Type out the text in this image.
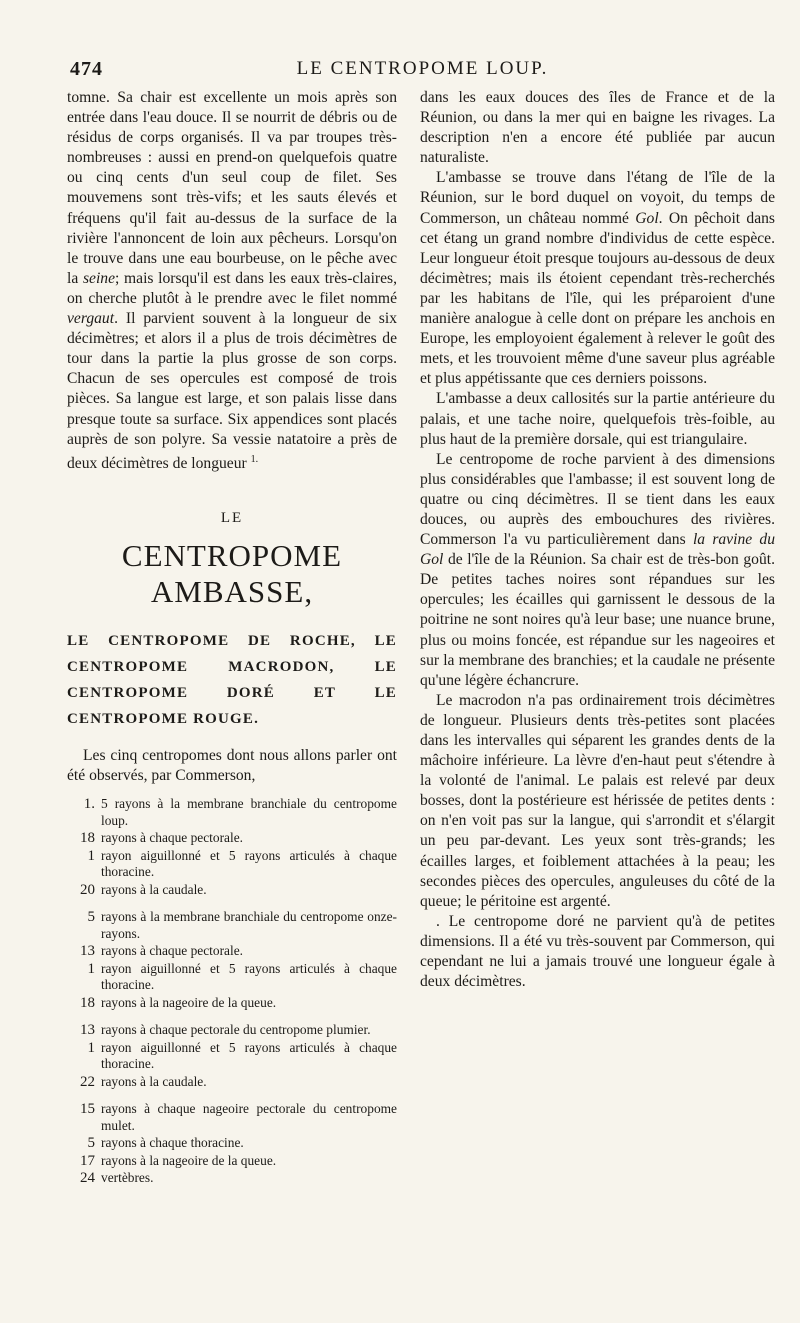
474	LE CENTROPOME LOUP.

tomne. Sa chair est excellente un mois après son entrée dans l'eau douce. Il se nourrit de débris ou de résidus de corps organisés. Il va par troupes très-nombreuses : aussi en prend-on quelquefois quatre ou cinq cents d'un seul coup de filet. Ses mouvemens sont très-vifs; et les sauts élevés et fréquens qu'il fait au-dessus de la surface de la rivière l'annoncent de loin aux pêcheurs. Lorsqu'on le trouve dans une eau bourbeuse, on le pêche avec la seine; mais lorsqu'il est dans les eaux très-claires, on cherche plutôt à le prendre avec le filet nommé vergaut. Il parvient souvent à la longueur de six décimètres; et alors il a plus de trois décimètres de tour dans la partie la plus grosse de son corps. Chacun de ses opercules est composé de trois pièces. Sa langue est large, et son palais lisse dans presque toute sa surface. Six appendices sont placés auprès de son polyre. Sa vessie natatoire a près de deux décimètres de longueur $^{1.}$

LE
CENTROPOME AMBASSE,
LE CENTROPOME DE ROCHE, LE CENTROPOME MACRODON, LE CENTROPOME DORÉ ET LE CENTROPOME ROUGE.

Les cinq centropomes dont nous allons parler ont été observés, par Commerson,

1. 5 rayons à la membrane branchiale du centropome loup.
18 rayons à chaque pectorale.
1 rayon aiguillonné et 5 rayons articulés à chaque thoracine.
20 rayons à la caudale.
5 rayons à la membrane branchiale du centropome onze-rayons.
13 rayons à chaque pectorale.
1 rayon aiguillonné et 5 rayons articulés à chaque thoracine.
18 rayons à la nageoire de la queue.
13 rayons à chaque pectorale du centropome plumier.
1 rayon aiguillonné et 5 rayons articulés à chaque thoracine.
22 rayons à la caudale.
15 rayons à chaque nageoire pectorale du centropome mulet.
5 rayons à chaque thoracine.
17 rayons à la nageoire de la queue.
24 vertèbres.

dans les eaux douces des îles de France et de la Réunion, ou dans la mer qui en baigne les rivages. La description n'en a encore été publiée par aucun naturaliste.

L'ambasse se trouve dans l'étang de l'île de la Réunion, sur le bord duquel on voyoit, du temps de Commerson, un château nommé Gol. On pêchoit dans cet étang un grand nombre d'individus de cette espèce. Leur longueur étoit presque toujours au-dessous de deux décimètres; mais ils étoient cependant très-recherchés par les habitans de l'île, qui les préparoient d'une manière analogue à celle dont on prépare les anchois en Europe, les employoient également à relever le goût des mets, et les trouvoient même d'une saveur plus agréable et plus appétissante que ces derniers poissons.

L'ambasse a deux callosités sur la partie antérieure du palais, et une tache noire, quelquefois très-foible, au plus haut de la première dorsale, qui est triangulaire.

Le centropome de roche parvient à des dimensions plus considérables que l'ambasse; il est souvent long de quatre ou cinq décimètres. Il se tient dans les eaux douces, ou auprès des embouchures des rivières. Commerson l'a vu particulièrement dans la ravine du Gol de l'île de la Réunion. Sa chair est de très-bon goût. De petites taches noires sont répandues sur les opercules; les écailles qui garnissent le dessous de la poitrine ne sont noires qu'à leur base; une nuance brune, plus ou moins foncée, est répandue sur les nageoires et sur la membrane des branchies; et la caudale ne présente qu'une légère échancrure.

Le macrodon n'a pas ordinairement trois décimètres de longueur. Plusieurs dents très-petites sont placées dans les intervalles qui séparent les grandes dents de la mâchoire inférieure. La lèvre d'en-haut peut s'étendre à la volonté de l'animal. Le palais est relevé par deux bosses, dont la postérieure est hérissée de petites dents : on n'en voit pas sur la langue, qui s'arrondit et s'élargit un peu par-devant. Les yeux sont très-grands; les écailles larges, et foiblement attachées à la peau; les secondes pièces des opercules, anguleuses du côté de la queue; le péritoine est argenté.

. Le centropome doré ne parvient qu'à de petites dimensions. Il a été vu très-souvent par Commerson, qui cependant ne lui a jamais trouvé une longueur égale à deux décimètres.
